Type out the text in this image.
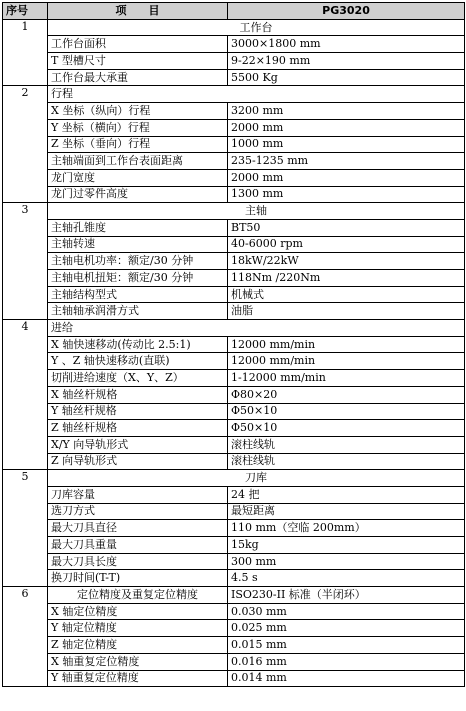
序号	项　　目	PG3020
1	工作台	
	工作台面积	3000×1800 mm
	T 型槽尺寸	9-22×190 mm
	工作台最大承重	5500 Kg
2	行程	
	X 坐标（纵向）行程	3200 mm
	Y 坐标（横向）行程	2000 mm
	Z 坐标（垂向）行程	1000 mm
	主轴端面到工作台表面距离	235-1235 mm
	龙门宽度	2000 mm
	龙门过零件高度	1300 mm
3	主轴	
	主轴孔锥度	BT50
	主轴转速	40-6000 rpm
	主轴电机功率：额定/30 分钟	18kW/22kW
	主轴电机扭矩：额定/30 分钟	118Nm /220Nm
	主轴结构型式	机械式
	主轴轴承润滑方式	油脂
4	进给	
	X 轴快速移动(传动比 2.5:1)	12000 mm/min
	Y 、Z 轴快速移动(直联)	12000 mm/min
	切削进给速度（X、Y、Z）	1-12000 mm/min
	X 轴丝杆规格	Φ80×20
	Y 轴丝杆规格	Φ50×10
	Z 轴丝杆规格	Φ50×10
	X/Y 向导轨形式	滚柱线轨
	Z 向导轨形式	滚柱线轨
5	刀库	
	刀库容量	24 把
	选刀方式	最短距离
	最大刀具直径	110 mm（空临 200mm）
	最大刀具重量	15kg
	最大刀具长度	300 mm
	换刀时间(T-T)	4.5 s
6	定位精度及重复定位精度	ISO230-II 标准（半闭环）
	X 轴定位精度	0.030 mm
	Y 轴定位精度	0.025 mm
	Z 轴定位精度	0.015 mm
	X 轴重复定位精度	0.016 mm
	Y 轴重复定位精度	0.014 mm
